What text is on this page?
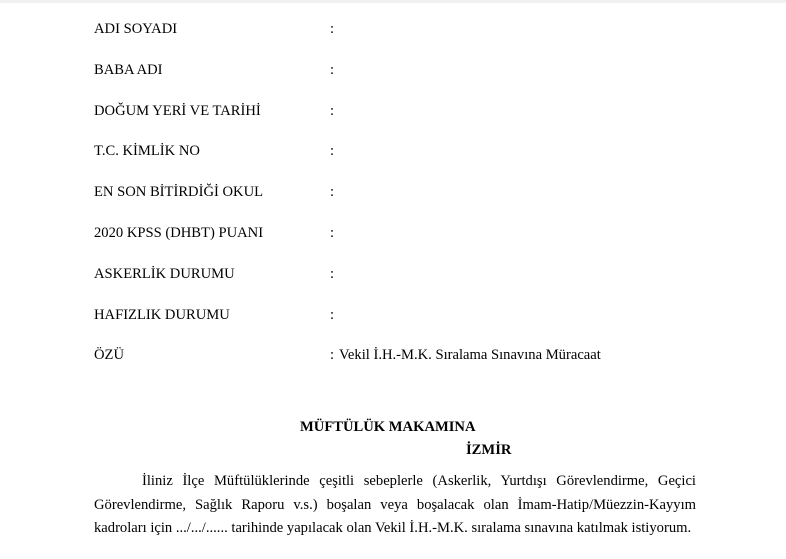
ADI SOYADI	:
BABA ADI	:
DOĞUM YERİ VE TARİHİ	:
T.C. KİMLİK NO	:
EN SON BİTİRDİĞİ OKUL	:
2020 KPSS (DHBT) PUANI	:
ASKERLİK DURUMU	:
HAFIZLIK DURUMU	:
ÖZÜ	: Vekil İ.H.-M.K. Sıralama Sınavına Müracaat
MÜFTÜLÜK MAKAMINA
İZMİR

İliniz İlçe Müftülüklerinde çeşitli sebeplerle (Askerlik, Yurtdışı Görevlendirme, Geçici Görevlendirme, Sağlık Raporu v.s.) boşalan veya boşalacak olan İmam-Hatip/Müezzin-Kayyım kadroları için .../.../...... tarihinde yapılacak olan Vekil İ.H.-M.K. sıralama sınavına katılmak istiyorum.
